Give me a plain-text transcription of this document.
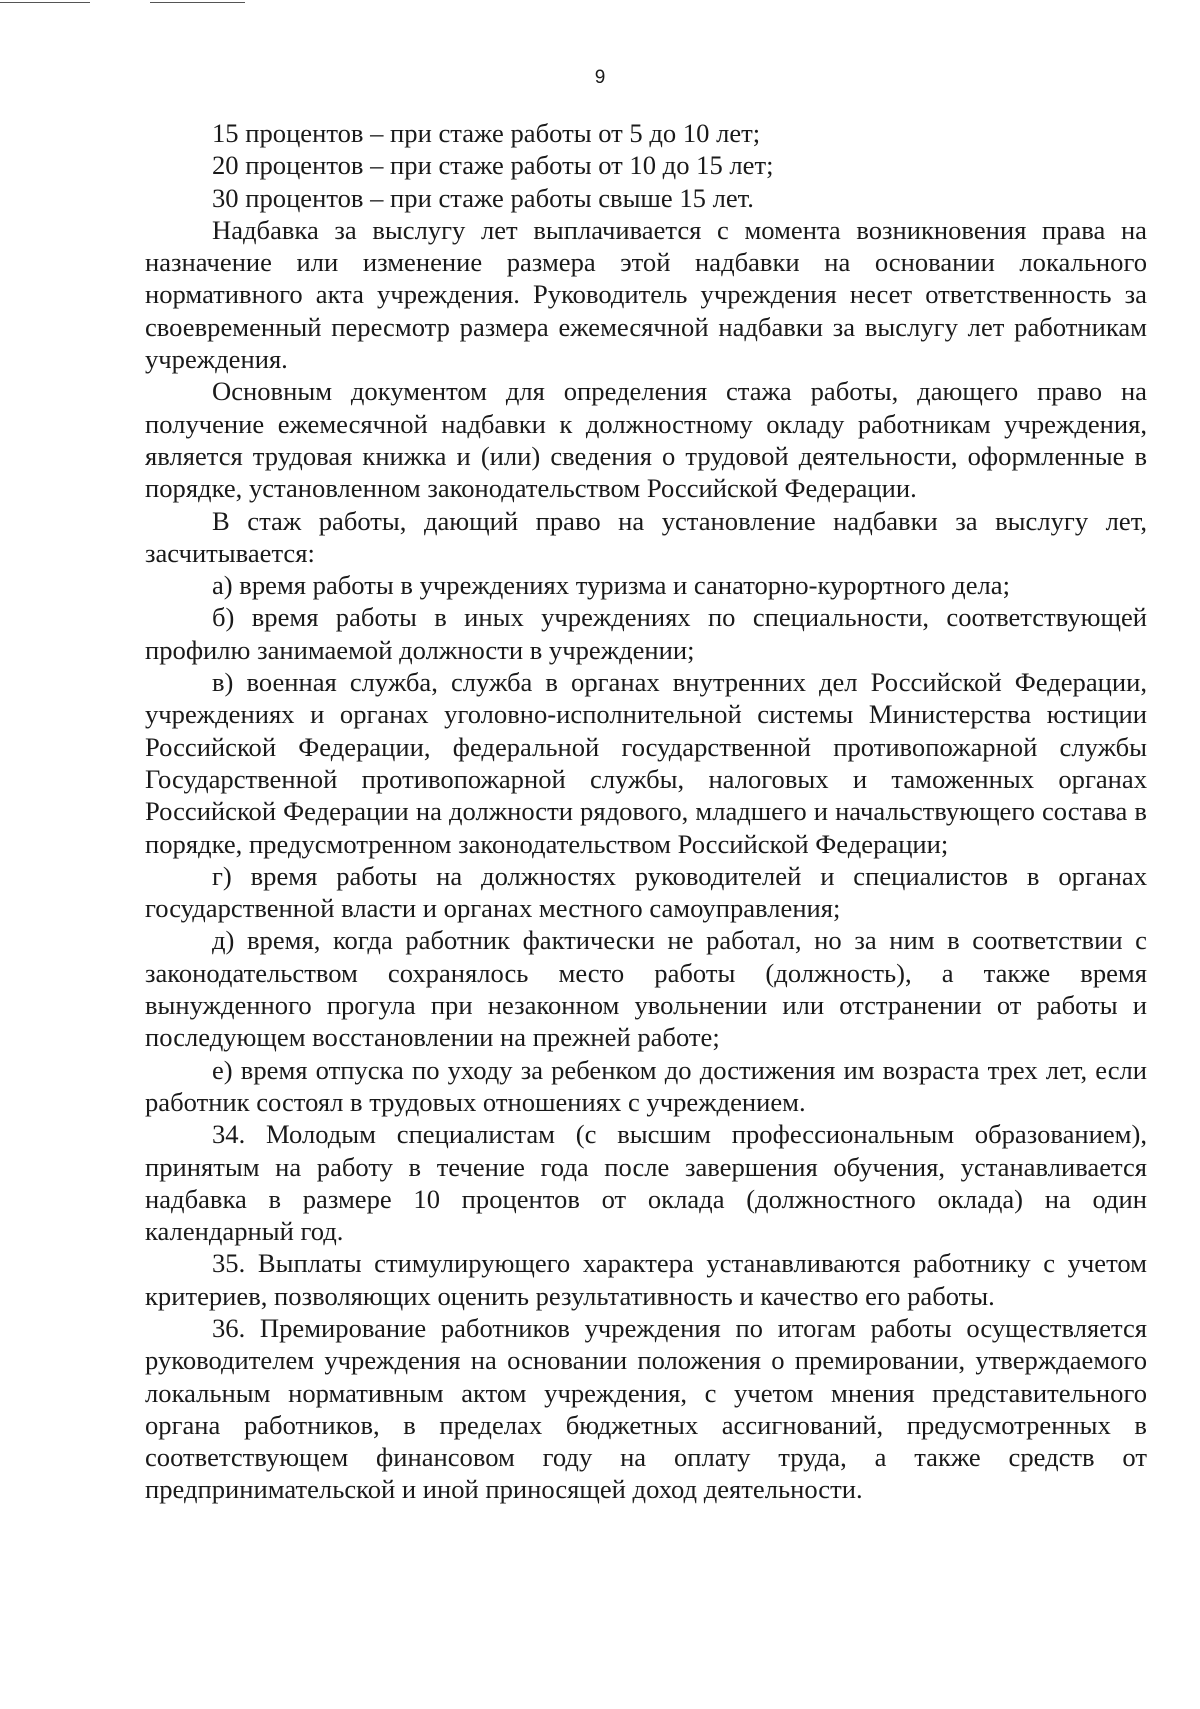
9

15 процентов – при стаже работы от 5 до 10 лет;

20 процентов – при стаже работы от 10 до 15 лет;

30 процентов – при стаже работы свыше 15 лет.

Надбавка за выслугу лет выплачивается с момента возникновения права на назначение или изменение размера этой надбавки на основании локального нормативного акта учреждения. Руководитель учреждения несет ответственность за своевременный пересмотр размера ежемесячной надбавки за выслугу лет работникам учреждения.

Основным документом для определения стажа работы, дающего право на получение ежемесячной надбавки к должностному окладу работникам учреждения, является трудовая книжка и (или) сведения о трудовой деятельности, оформленные в порядке, установленном законодательством Российской Федерации.

В стаж работы, дающий право на установление надбавки за выслугу лет, засчитывается:

а) время работы в учреждениях туризма и санаторно-курортного дела;

б) время работы в иных учреждениях по специальности, соответствующей профилю занимаемой должности в учреждении;

в) военная служба, служба в органах внутренних дел Российской Федерации, учреждениях и органах уголовно-исполнительной системы Министерства юстиции Российской Федерации, федеральной государственной противопожарной службы Государственной противопожарной службы, налоговых и таможенных органах Российской Федерации на должности рядового, младшего и начальствующего состава в порядке, предусмотренном законодательством Российской Федерации;

г) время работы на должностях руководителей и специалистов в органах государственной власти и органах местного самоуправления;

д) время, когда работник фактически не работал, но за ним в соответствии с законодательством сохранялось место работы (должность), а также время вынужденного прогула при незаконном увольнении или отстранении от работы и последующем восстановлении на прежней работе;

е) время отпуска по уходу за ребенком до достижения им возраста трех лет, если работник состоял в трудовых отношениях с учреждением.

34. Молодым специалистам (с высшим профессиональным образованием), принятым на работу в течение года после завершения обучения, устанавливается надбавка в размере 10 процентов от оклада (должностного оклада) на один календарный год.

35. Выплаты стимулирующего характера устанавливаются работнику с учетом критериев, позволяющих оценить результативность и качество его работы.

36. Премирование работников учреждения по итогам работы осуществляется руководителем учреждения на основании положения о премировании, утверждаемого локальным нормативным актом учреждения, с учетом мнения представительного органа работников, в пределах бюджетных ассигнований, предусмотренных в соответствующем финансовом году на оплату труда, а также средств от предпринимательской и иной приносящей доход деятельности.
